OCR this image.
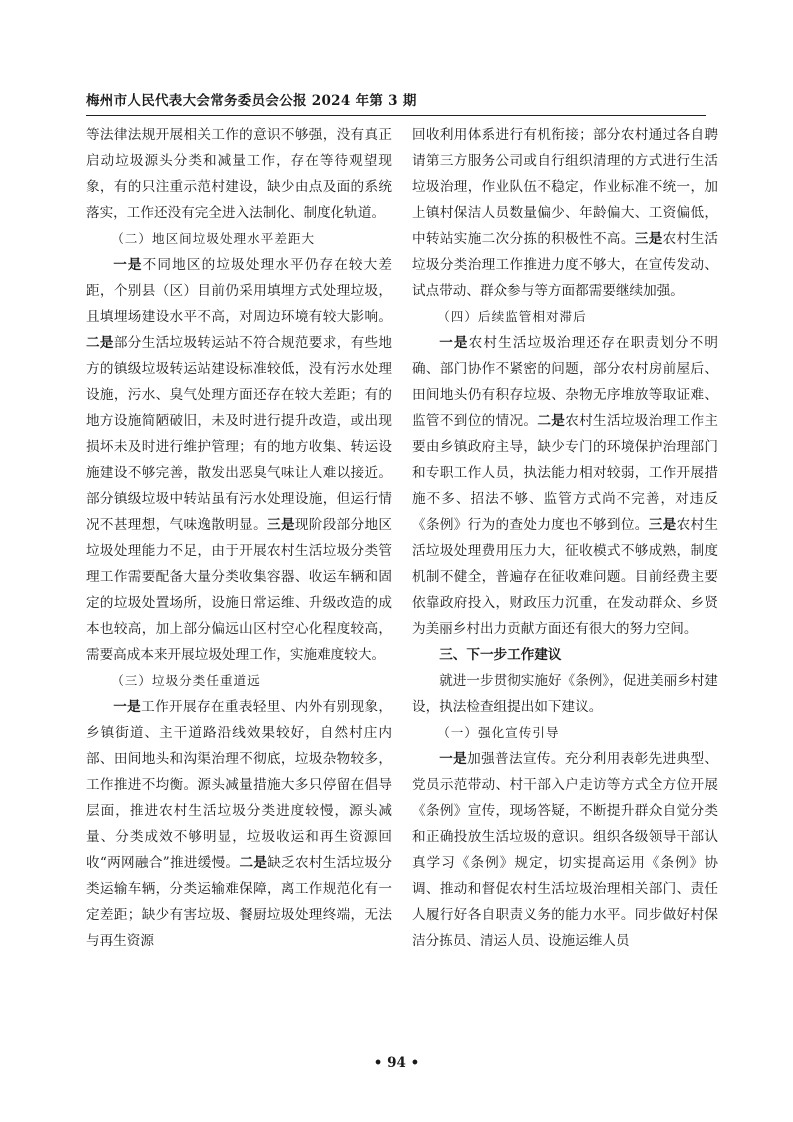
梅州市人民代表大会常务委员会公报 2024 年第 3 期

等法律法规开展相关工作的意识不够强，没有真正启动垃圾源头分类和减量工作，存在等待观望现象，有的只注重示范村建设，缺少由点及面的系统落实，工作还没有完全进入法制化、制度化轨道。

（二）地区间垃圾处理水平差距大

一是不同地区的垃圾处理水平仍存在较大差距，个别县（区）目前仍采用填埋方式处理垃圾，且填埋场建设水平不高，对周边环境有较大影响。二是部分生活垃圾转运站不符合规范要求，有些地方的镇级垃圾转运站建设标准较低，没有污水处理设施，污水、臭气处理方面还存在较大差距；有的地方设施简陋破旧，未及时进行提升改造，或出现损坏未及时进行维护管理；有的地方收集、转运设施建设不够完善，散发出恶臭气味让人难以接近。部分镇级垃圾中转站虽有污水处理设施，但运行情况不甚理想，气味逸散明显。三是现阶段部分地区垃圾处理能力不足，由于开展农村生活垃圾分类管理工作需要配备大量分类收集容器、收运车辆和固定的垃圾处置场所，设施日常运维、升级改造的成本也较高，加上部分偏远山区村空心化程度较高，需要高成本来开展垃圾处理工作，实施难度较大。

（三）垃圾分类任重道远

一是工作开展存在重表轻里、内外有别现象，乡镇街道、主干道路沿线效果较好，自然村庄内部、田间地头和沟渠治理不彻底，垃圾杂物较多，工作推进不均衡。源头减量措施大多只停留在倡导层面，推进农村生活垃圾分类进度较慢，源头减量、分类成效不够明显，垃圾收运和再生资源回收“两网融合”推进缓慢。二是缺乏农村生活垃圾分类运输车辆，分类运输难保障，离工作规范化有一定差距；缺少有害垃圾、餐厨垃圾处理终端，无法与再生资源

回收利用体系进行有机衔接；部分农村通过各自聘请第三方服务公司或自行组织清理的方式进行生活垃圾治理，作业队伍不稳定，作业标准不统一，加上镇村保洁人员数量偏少、年龄偏大、工资偏低，中转站实施二次分拣的积极性不高。三是农村生活垃圾分类治理工作推进力度不够大，在宣传发动、试点带动、群众参与等方面都需要继续加强。

（四）后续监管相对滞后

一是农村生活垃圾治理还存在职责划分不明确、部门协作不紧密的问题，部分农村房前屋后、田间地头仍有积存垃圾、杂物无序堆放等取证难、监管不到位的情况。二是农村生活垃圾治理工作主要由乡镇政府主导，缺少专门的环境保护治理部门和专职工作人员，执法能力相对较弱，工作开展措施不多、招法不够、监管方式尚不完善，对违反《条例》行为的查处力度也不够到位。三是农村生活垃圾处理费用压力大，征收模式不够成熟，制度机制不健全，普遍存在征收难问题。目前经费主要依靠政府投入，财政压力沉重，在发动群众、乡贤为美丽乡村出力贡献方面还有很大的努力空间。

三、下一步工作建议

就进一步贯彻实施好《条例》，促进美丽乡村建设，执法检查组提出如下建议。

（一）强化宣传引导

一是加强普法宣传。充分利用表彰先进典型、党员示范带动、村干部入户走访等方式全方位开展《条例》宣传，现场答疑，不断提升群众自觉分类和正确投放生活垃圾的意识。组织各级领导干部认真学习《条例》规定，切实提高运用《条例》协调、推动和督促农村生活垃圾治理相关部门、责任人履行好各自职责义务的能力水平。同步做好村保洁分拣员、清运人员、设施运维人员

• 94 •
